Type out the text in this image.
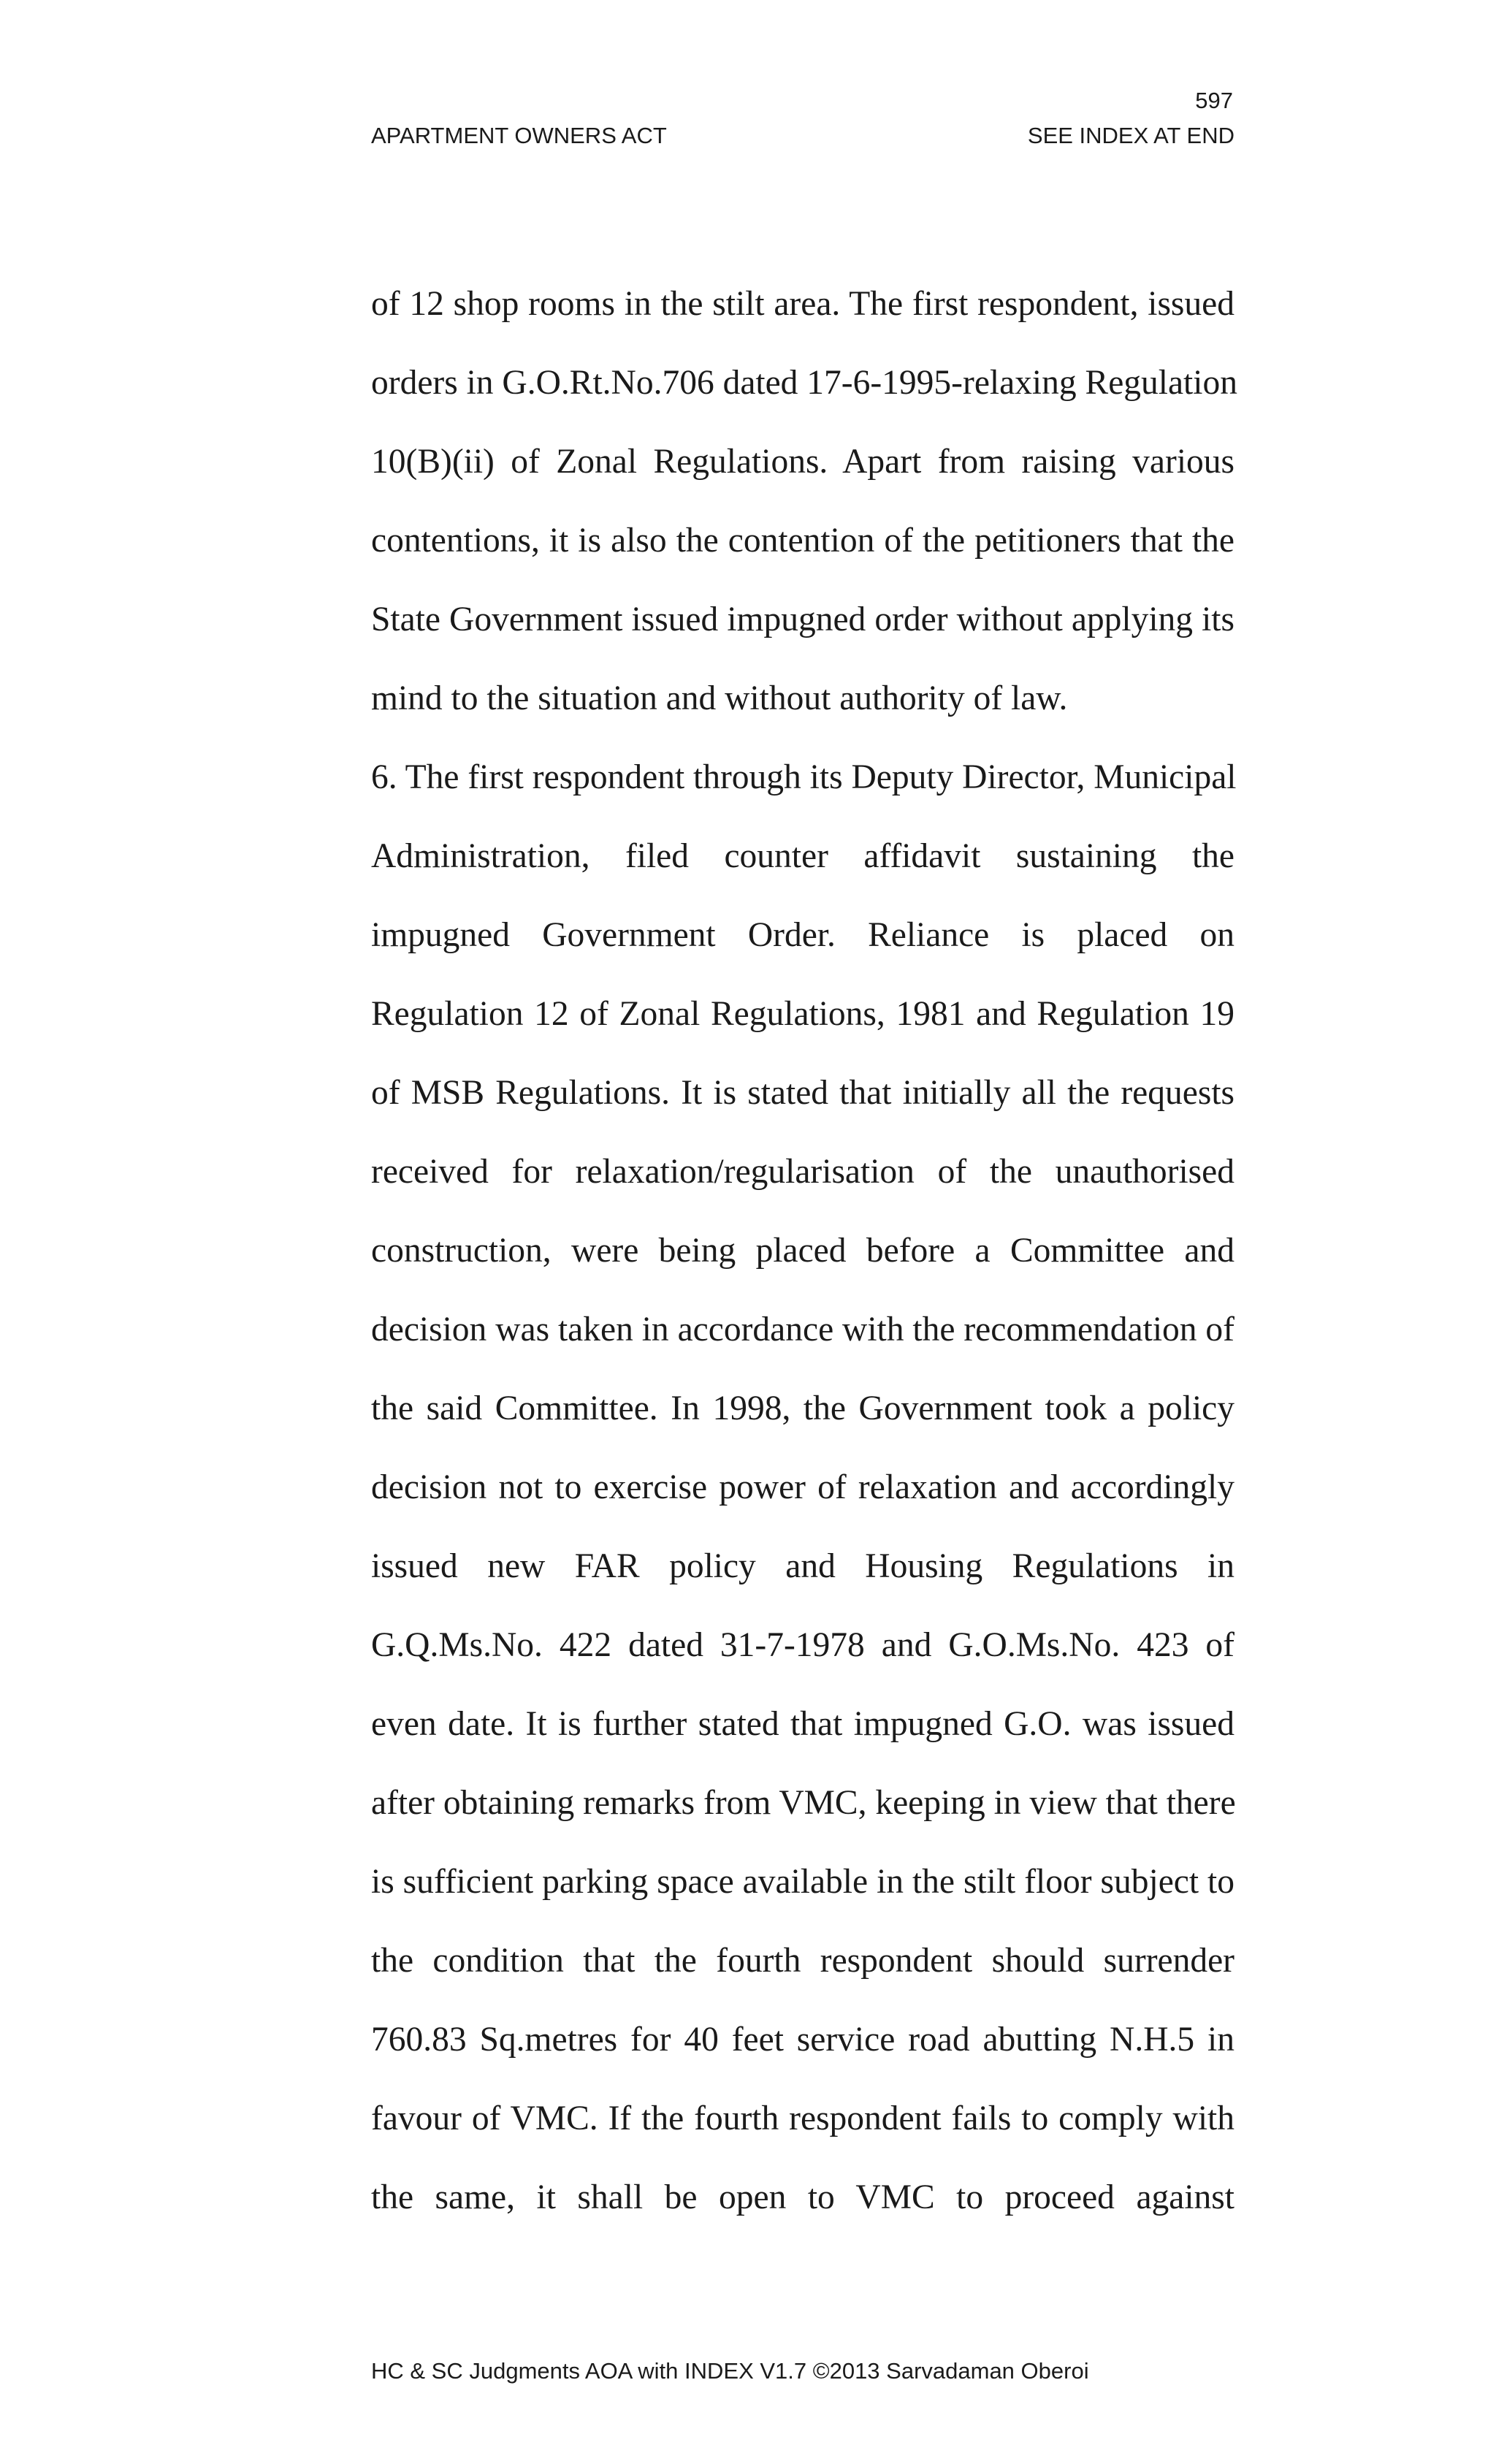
597
APARTMENT OWNERS ACT	SEE INDEX AT END
of 12 shop rooms in the stilt area. The first respondent, issued
orders in G.O.Rt.No.706 dated 17-6-1995-relaxing Regulation
10(B)(ii) of Zonal Regulations. Apart from raising various
contentions, it is also the contention of the petitioners that the
State Government issued impugned order without applying its
mind to the situation and without authority of law.
6. The first respondent through its Deputy Director, Municipal
Administration, filed counter affidavit sustaining the
impugned Government Order. Reliance is placed on
Regulation 12 of Zonal Regulations, 1981 and Regulation 19
of MSB Regulations. It is stated that initially all the requests
received for relaxation/regularisation of the unauthorised
construction, were being placed before a Committee and
decision was taken in accordance with the recommendation of
the said Committee. In 1998, the Government took a policy
decision not to exercise power of relaxation and accordingly
issued new FAR policy and Housing Regulations in
G.Q.Ms.No. 422 dated 31-7-1978 and G.O.Ms.No. 423 of
even date. It is further stated that impugned G.O. was issued
after obtaining remarks from VMC, keeping in view that there
is sufficient parking space available in the stilt floor subject to
the condition that the fourth respondent should surrender
760.83 Sq.metres for 40 feet service road abutting N.H.5 in
favour of VMC. If the fourth respondent fails to comply with
the same, it shall be open to VMC to proceed against
HC & SC Judgments AOA with INDEX V1.7 ©2013 Sarvadaman Oberoi
